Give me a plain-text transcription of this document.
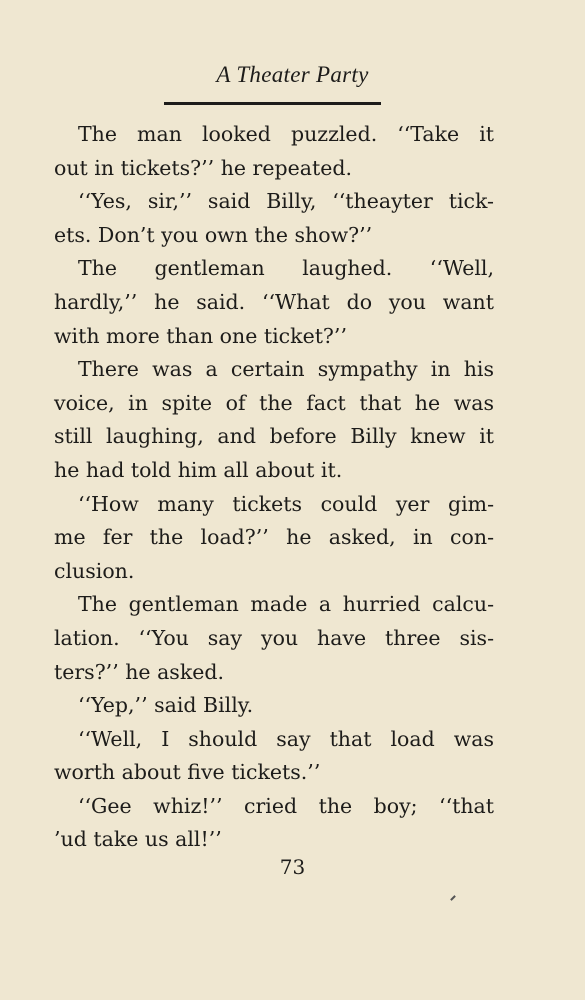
A Theater Party
The man looked puzzled. ‘‘Take it
out in tickets?’’ he repeated.
‘‘Yes, sir,’’ said Billy, ‘‘theayter tick-
ets. Don’t you own the show?’’
The gentleman laughed. ‘‘Well,
hardly,’’ he said. ‘‘What do you want
with more than one ticket?’’
There was a certain sympathy in his
voice, in spite of the fact that he was
still laughing, and before Billy knew it
he had told him all about it.
‘‘How many tickets could yer gim-
me fer the load?’’ he asked, in con-
clusion.
The gentleman made a hurried calcu-
lation. ‘‘You say you have three sis-
ters?’’ he asked.
‘‘Yep,’’ said Billy.
‘‘Well, I should say that load was
worth about five tickets.’’
‘‘Gee whiz!’’ cried the boy; ‘‘that
’ud take us all!’’
73
